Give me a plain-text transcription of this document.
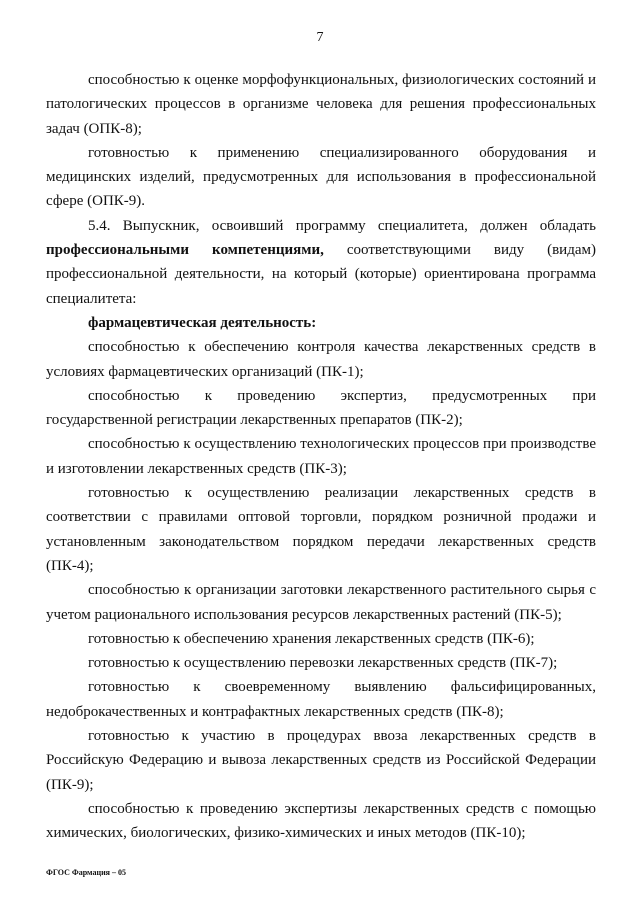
7

способностью к оценке морфофункциональных, физиологических состояний и патологических процессов в организме человека для решения профессиональных задач (ОПК-8);

готовностью к применению специализированного оборудования и медицинских изделий, предусмотренных для использования в профессиональной сфере (ОПК-9).

5.4. Выпускник, освоивший программу специалитета, должен обладать профессиональными компетенциями, соответствующими виду (видам) профессиональной деятельности, на который (которые) ориентирована программа специалитета:

фармацевтическая деятельность:

способностью к обеспечению контроля качества лекарственных средств в условиях фармацевтических организаций (ПК-1);

способностью к проведению экспертиз, предусмотренных при государственной регистрации лекарственных препаратов (ПК-2);

способностью к осуществлению технологических процессов при производстве и изготовлении лекарственных средств (ПК-3);

готовностью к осуществлению реализации лекарственных средств в соответствии с правилами оптовой торговли, порядком розничной продажи и установленным законодательством порядком передачи лекарственных средств (ПК-4);

способностью к организации заготовки лекарственного растительного сырья с учетом рационального использования ресурсов лекарственных растений (ПК-5);

готовностью к обеспечению хранения лекарственных средств (ПК-6);

готовностью к осуществлению перевозки лекарственных средств (ПК-7);

готовностью к своевременному выявлению фальсифицированных, недоброкачественных и контрафактных лекарственных средств (ПК-8);

готовностью к участию в процедурах ввоза лекарственных средств в Российскую Федерацию и вывоза лекарственных средств из Российской Федерации (ПК-9);

способностью к проведению экспертизы лекарственных средств с помощью химических, биологических, физико-химических и иных методов (ПК-10);

ФГОС Фармация – 05
